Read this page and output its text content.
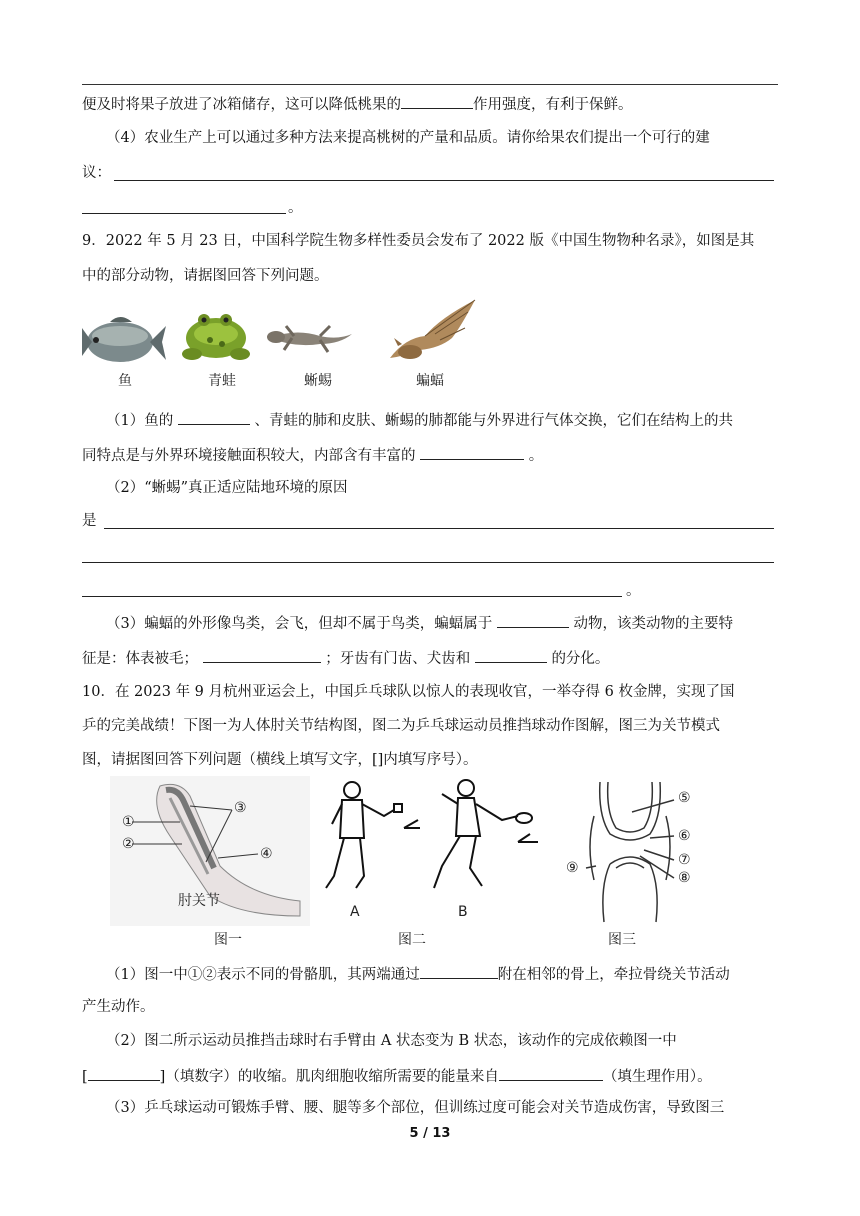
便及时将果子放进了冰箱储存，这可以降低桃果的	作用强度，有利于保鲜。
（4）农业生产上可以通过多种方法来提高桃树的产量和品质。请你给果农们提出一个可行的建
议：
。
9．2022 年 5 月 23 日，中国科学院生物多样性委员会发布了 2022 版《中国生物物种名录》，如图是其
中的部分动物，请据图回答下列问题。
鱼	青蛙	蜥蜴	蝙蝠
（1）鱼的	、青蛙的肺和皮肤、蜥蜴的肺都能与外界进行气体交换，它们在结构上的共
同特点是与外界环境接触面积较大，内部含有丰富的	。
（2）“蜥蜴”真正适应陆地环境的原因
是
。
（3）蝙蝠的外形像鸟类，会飞，但却不属于鸟类，蝙蝠属于	动物，该类动物的主要特
征是：体表被毛；	；牙齿有门齿、犬齿和	的分化。
10．在 2023 年 9 月杭州亚运会上，中国乒乓球队以惊人的表现收官，一举夺得 6 枚金牌，实现了国
乒的完美战绩！下图一为人体肘关节结构图，图二为乒乓球运动员推挡球动作图解，图三为关节模式
图，请据图回答下列问题（横线上填写文字，[]内填写序号）。
①
②
③
④
肘关节
A	B
⑤
⑥
⑦
⑧
⑨
图一	图二	图三
（1）图一中①②表示不同的骨骼肌，其两端通过	附在相邻的骨上，牵拉骨绕关节活动
产生动作。
（2）图二所示运动员推挡击球时右手臂由 A 状态变为 B 状态，该动作的完成依赖图一中
[	]（填数字）的收缩。肌肉细胞收缩所需要的能量来自	（填生理作用）。
（3）乒乓球运动可锻炼手臂、腰、腿等多个部位，但训练过度可能会对关节造成伤害，导致图三
5 / 13
